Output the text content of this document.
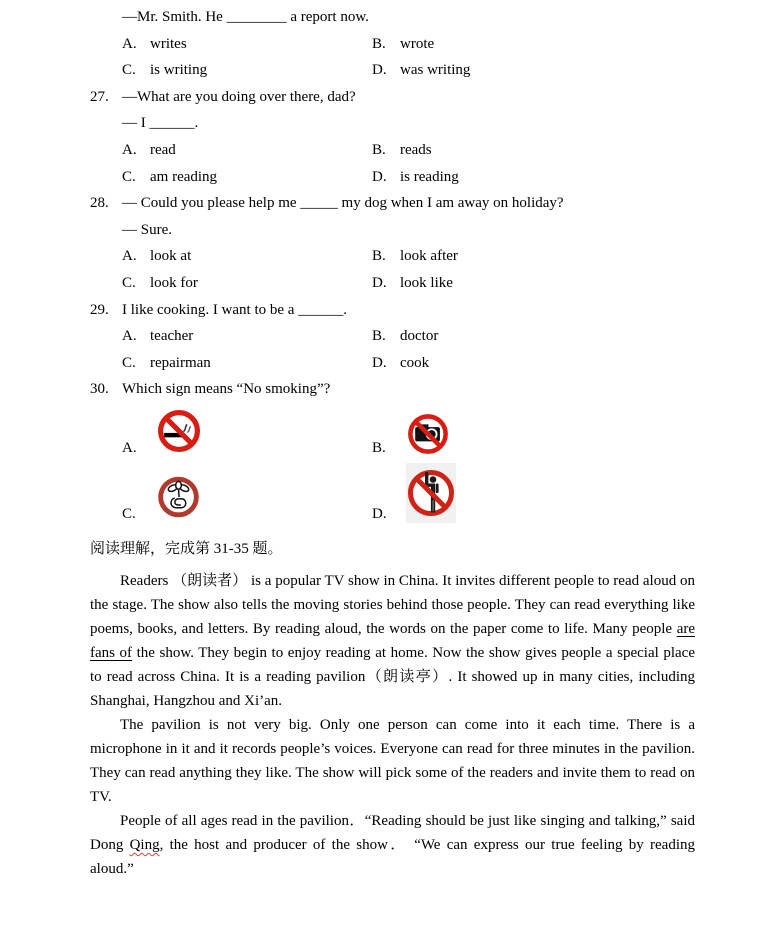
—Mr. Smith. He ________ a report now.
A. writes	B. wrote
C. is writing	D. was writing
27. —What are you doing over there, dad?
— I ______.
A. read	B. reads
C. am reading	D. is reading
28. — Could you please help me _____ my dog when I am away on holiday?
— Sure.
A. look at	B. look after
C. look for	D. look like
29. I like cooking. I want to be a ______.
A. teacher	B. doctor
C. repairman	D. cook
30. Which sign means “No smoking”?
A.	B.
C.	D.
阅读理解，完成第 31-35 题。

Readers （朗读者） is a popular TV show in China. It invites different people to read aloud on the stage. The show also tells the moving stories behind those people. They can read everything like poems, books, and letters. By reading aloud, the words on the paper come to life. Many people are fans of the show. They begin to enjoy reading at home. Now the show gives people a special place to read across China. It is a reading pavilion（朗读亭）. It showed up in many cities, including Shanghai, Hangzhou and Xi’an.

The pavilion is not very big. Only one person can come into it each time. There is a microphone in it and it records people’s voices. Everyone can read for three minutes in the pavilion. They can read anything they like. The show will pick some of the readers and invite them to read on TV.

People of all ages read in the pavilion．“Reading should be just like singing and talking,” said Dong Qing, the host and producer of the show． “We can express our true feeling by reading aloud.”
